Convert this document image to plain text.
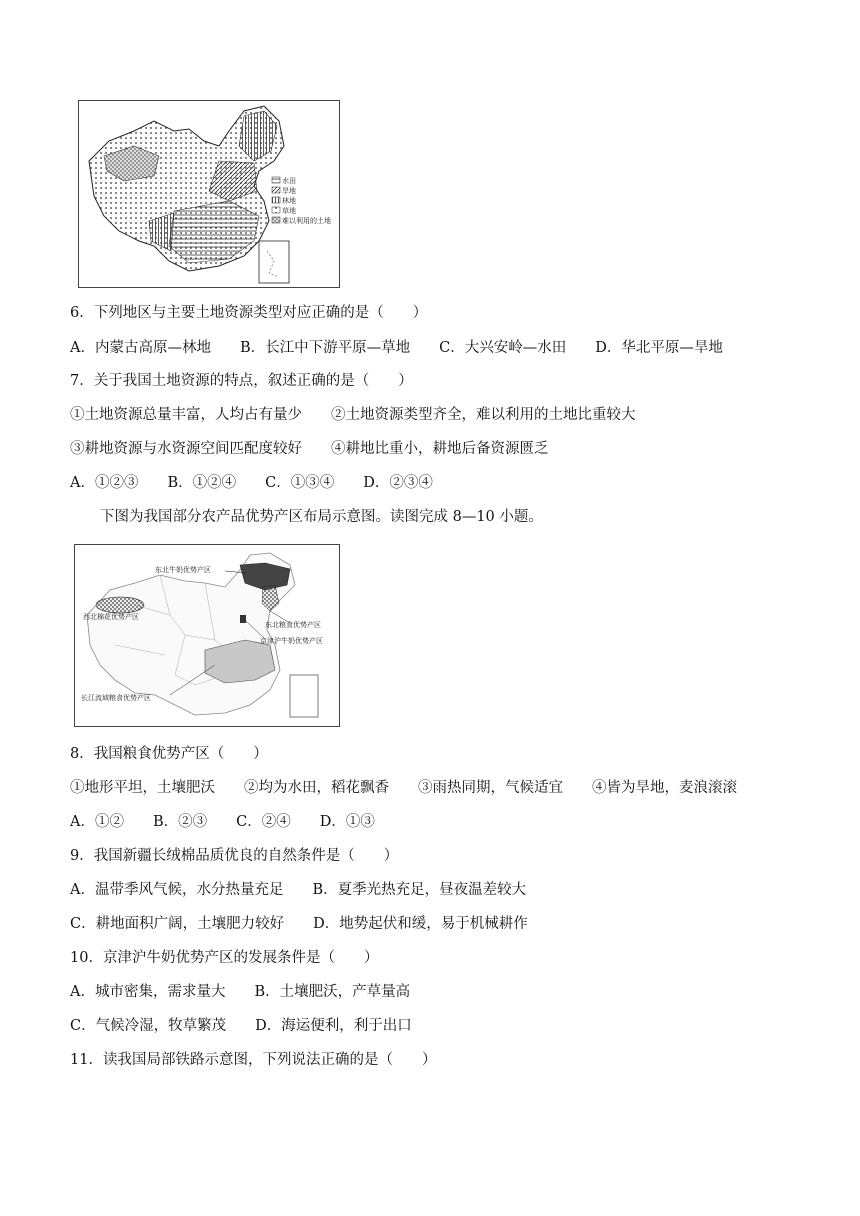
水田
旱地
林地
草地
难以利用的土地
6．下列地区与主要土地资源类型对应正确的是（　　）
A．内蒙古高原—林地　　B．长江中下游平原—草地　　C．大兴安岭—水田　　D．华北平原—旱地
7．关于我国土地资源的特点，叙述正确的是（　　）
①土地资源总量丰富，人均占有量少　　②土地资源类型齐全，难以利用的土地比重较大
③耕地资源与水资源空间匹配度较好　　④耕地比重小，耕地后备资源匮乏
A．①②③　　B．①②④　　C．①③④　　D．②③④
下图为我国部分农产品优势产区布局示意图。读图完成 8—10 小题。
东北牛奶优势产区
西北棉花优势产区
东北粮食优势产区
京津沪牛奶优势产区
长江流域粮食优势产区
8．我国粮食优势产区（　　）
①地形平坦，土壤肥沃　　②均为水田，稻花飘香　　③雨热同期，气候适宜　　④皆为旱地，麦浪滚滚
A．①②　　B．②③　　C．②④　　D．①③
9．我国新疆长绒棉品质优良的自然条件是（　　）
A．温带季风气候，水分热量充足　　B．夏季光热充足，昼夜温差较大
C．耕地面积广阔，土壤肥力较好　　D．地势起伏和缓，易于机械耕作
10．京津沪牛奶优势产区的发展条件是（　　）
A．城市密集，需求量大　　B．土壤肥沃，产草量高
C．气候冷湿，牧草繁茂　　D．海运便利，利于出口
11．读我国局部铁路示意图，下列说法正确的是（　　）
